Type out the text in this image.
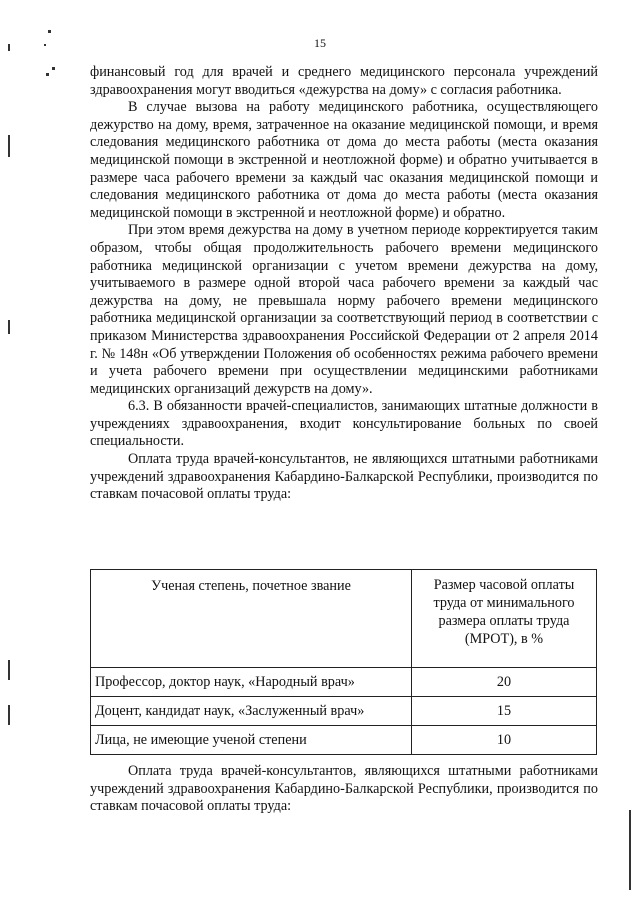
15

финансовый год для врачей и среднего медицинского персонала учреждений здравоохранения могут вводиться «дежурства на дому» с согласия работника.

В случае вызова на работу медицинского работника, осуществляющего дежурство на дому, время, затраченное на оказание медицинской помощи, и время следования медицинского работника от дома до места работы (места оказания медицинской помощи в экстренной и неотложной форме) и обратно учитывается в размере часа рабочего времени за каждый час оказания медицинской помощи и следования медицинского работника от дома до места работы (места оказания медицинской помощи в экстренной и неотложной форме) и обратно.

При этом время дежурства на дому в учетном периоде корректируется таким образом, чтобы общая продолжительность рабочего времени медицинского работника медицинской организации с учетом времени дежурства на дому, учитываемого в размере одной второй часа рабочего времени за каждый час дежурства на дому, не превышала норму рабочего времени медицинского работника медицинской организации за соответствующий период в соответствии с приказом Министерства здравоохранения Российской Федерации от 2 апреля 2014 г. № 148н «Об утверждении Положения об особенностях режима рабочего времени и учета рабочего времени при осуществлении медицинскими работниками медицинских организаций дежурств на дому».

6.3. В обязанности врачей-специалистов, занимающих штатные должности в учреждениях здравоохранения, входит консультирование больных по своей специальности.

Оплата труда врачей-консультантов, не являющихся штатными работниками учреждений здравоохранения Кабардино-Балкарской Республики, производится по ставкам почасовой оплаты труда:

Ученая степень, почетное звание	Размер часовой оплаты труда от минимального размера оплаты труда (МРОТ), в %
Профессор, доктор наук, «Народный врач»	20
Доцент, кандидат наук, «Заслуженный врач»	15
Лица, не имеющие ученой степени	10

Оплата труда врачей-консультантов, являющихся штатными работниками учреждений здравоохранения Кабардино-Балкарской Республики, производится по ставкам почасовой оплаты труда:
